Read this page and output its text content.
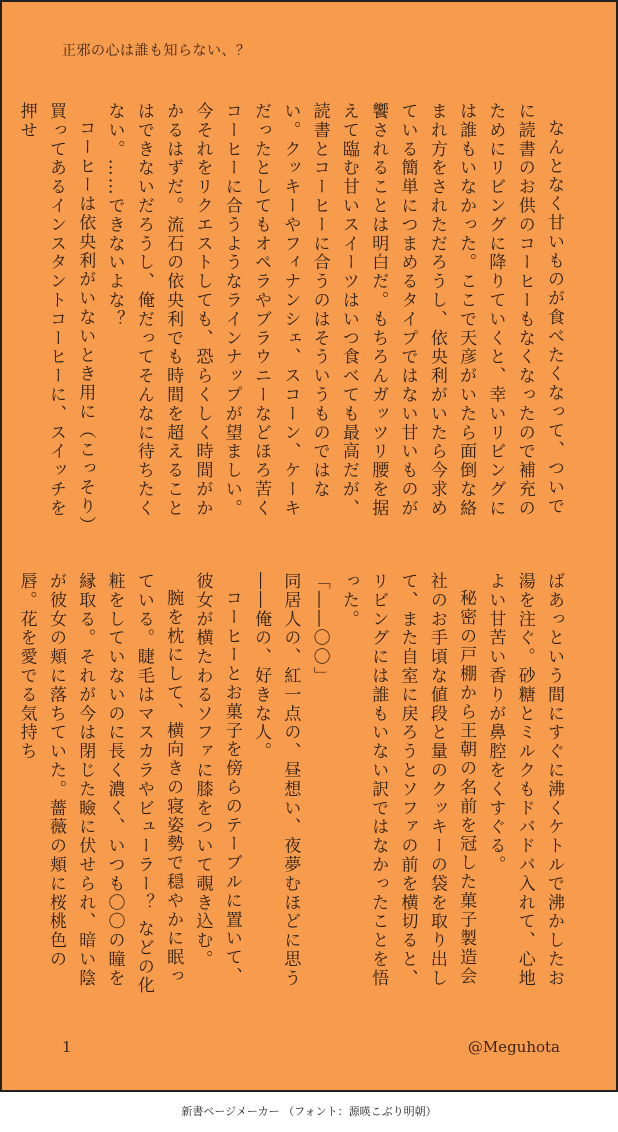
正邪の心は誰も知らない、？

なんとなく甘いものが食べたくなって、ついでに読書のお供のコーヒーもなくなったので補充のためにリビングに降りていくと、幸いリビングには誰もいなかった。ここで天彦がいたら面倒な絡まれ方をされただろうし、依央利がいたら今求めている簡単につまめるタイプではない甘いものが饗されることは明白だ。もちろんガッツリ腰を据えて臨む甘いスイーツはいつ食べても最高だが、読書とコーヒーに合うのはそういうものではない。クッキーやフィナンシェ、スコーン、ケーキだったとしてもオペラやブラウニーなどほろ苦くコーヒーに合うようなラインナップが望ましい。今それをリクエストしても、恐らくしく時間がかかるはずだ。流石の依央利でも時間を超えることはできないだろうし、俺だってそんなに待ちたくない。……できないよな？

コーヒーは依央利がいないとき用に（こっそり）買ってあるインスタントコーヒーに、スイッチを押せ

ばあっという間にすぐに沸くケトルで沸かしたお湯を注ぐ。砂糖とミルクもドバドバ入れて、心地よい甘苦い香りが鼻腔をくすぐる。

秘密の戸棚から王朝の名前を冠した菓子製造会社のお手頃な値段と量のクッキーの袋を取り出して、また自室に戻ろうとソファの前を横切ると、リビングには誰もいない訳ではなかったことを悟った。

「――〇〇」

同居人の、紅一点の、昼想い、夜夢むほどに思う――俺の、好きな人。

コーヒーとお菓子を傍らのテーブルに置いて、彼女が横たわるソファに膝をついて覗き込む。

腕を枕にして、横向きの寝姿勢で穏やかに眠っている。睫毛はマスカラやビューラー？ などの化粧をしていないのに長く濃く、いつも〇〇の瞳を縁取る。それが今は閉じた瞼に伏せられ、暗い陰が彼女の頬に落ちていた。薔薇の頬に桜桃色の唇。花を愛でる気持ち

1	@Meguhota
新書ページメーカー （フォント：源暎こぶり明朝）
